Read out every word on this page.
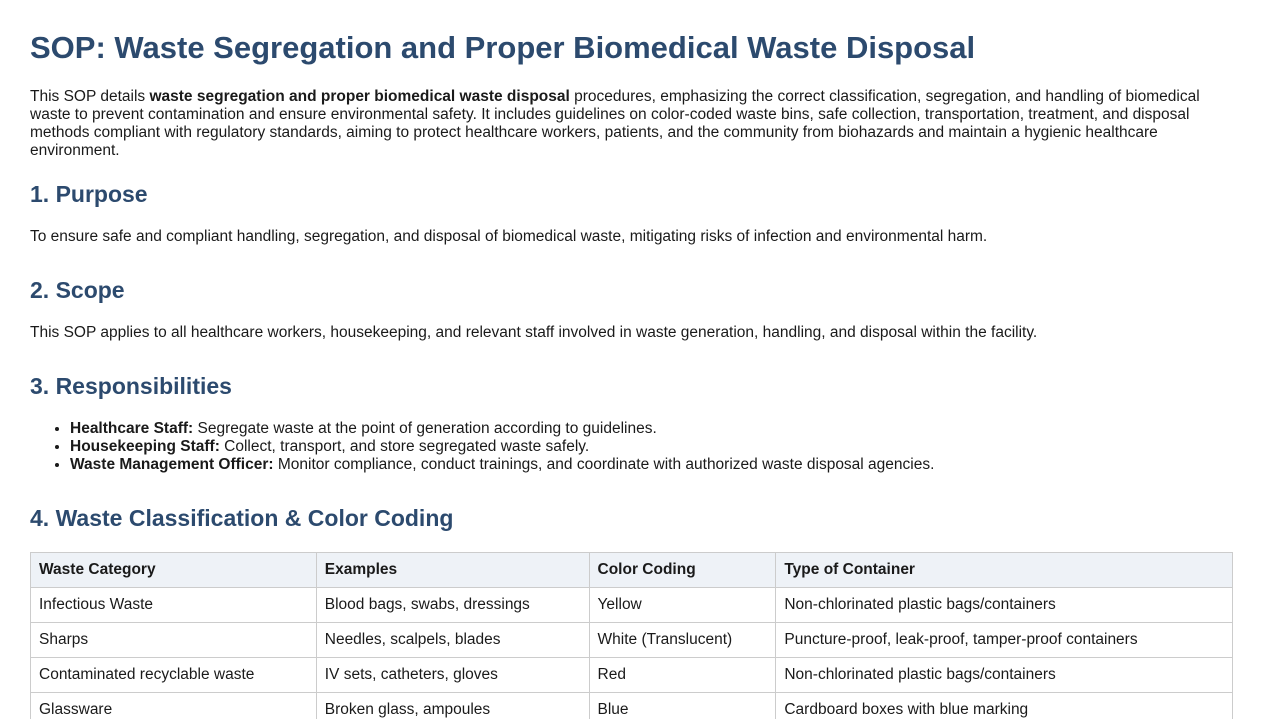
SOP: Waste Segregation and Proper Biomedical Waste Disposal

This SOP details waste segregation and proper biomedical waste disposal procedures, emphasizing the correct classification, segregation, and handling of biomedical waste to prevent contamination and ensure environmental safety. It includes guidelines on color-coded waste bins, safe collection, transportation, treatment, and disposal methods compliant with regulatory standards, aiming to protect healthcare workers, patients, and the community from biohazards and maintain a hygienic healthcare environment.

1. Purpose

To ensure safe and compliant handling, segregation, and disposal of biomedical waste, mitigating risks of infection and environmental harm.

2. Scope

This SOP applies to all healthcare workers, housekeeping, and relevant staff involved in waste generation, handling, and disposal within the facility.

3. Responsibilities
• Healthcare Staff: Segregate waste at the point of generation according to guidelines.
• Housekeeping Staff: Collect, transport, and store segregated waste safely.
• Waste Management Officer: Monitor compliance, conduct trainings, and coordinate with authorized waste disposal agencies.
4. Waste Classification & Color Coding
Waste Category	Examples	Color Coding	Type of Container
Infectious Waste	Blood bags, swabs, dressings	Yellow	Non-chlorinated plastic bags/containers
Sharps	Needles, scalpels, blades	White (Translucent)	Puncture-proof, leak-proof, tamper-proof containers
Contaminated recyclable waste	IV sets, catheters, gloves	Red	Non-chlorinated plastic bags/containers
Glassware	Broken glass, ampoules	Blue	Cardboard boxes with blue marking
